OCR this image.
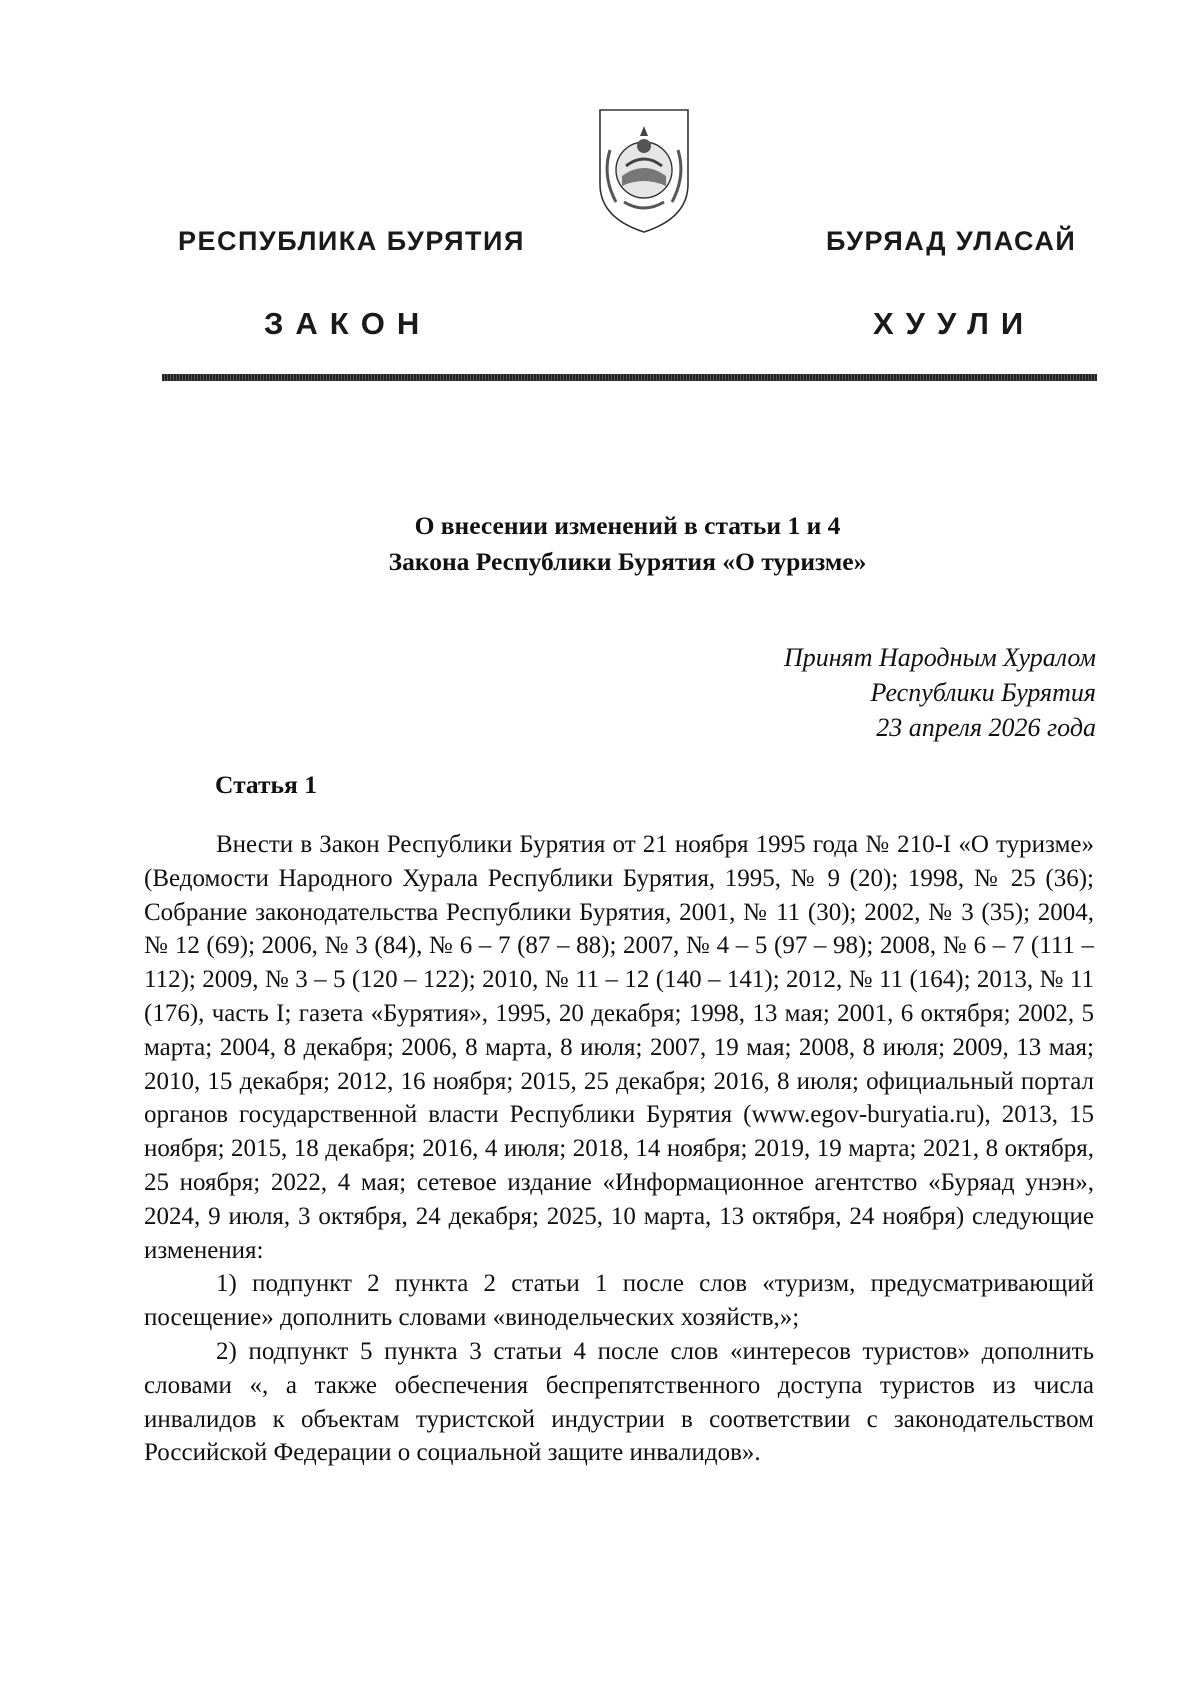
РЕСПУБЛИКА БУРЯТИЯ	БУРЯАД УЛАСАЙ
ЗАКОН	ХУУЛИ
О внесении изменений в статьи 1 и 4
Закона Республики Бурятия «О туризме»
Принят Народным Хуралом
Республики Бурятия
23 апреля 2026 года
Статья 1

Внести в Закон Республики Бурятия от 21 ноября 1995 года № 210-I «О туризме» (Ведомости Народного Хурала Республики Бурятия, 1995, № 9 (20); 1998, № 25 (36); Собрание законодательства Республики Бурятия, 2001, № 11 (30); 2002, № 3 (35); 2004, № 12 (69); 2006, № 3 (84), № 6 – 7 (87 – 88); 2007, № 4 – 5 (97 – 98); 2008, № 6 – 7 (111 – 112); 2009, № 3 – 5 (120 – 122); 2010, № 11 – 12 (140 – 141); 2012, № 11 (164); 2013, № 11 (176), часть I; газета «Бурятия», 1995, 20 декабря; 1998, 13 мая; 2001, 6 октября; 2002, 5 марта; 2004, 8 декабря; 2006, 8 марта, 8 июля; 2007, 19 мая; 2008, 8 июля; 2009, 13 мая; 2010, 15 декабря; 2012, 16 ноября; 2015, 25 декабря; 2016, 8 июля; официальный портал органов государственной власти Республики Бурятия (www.egov-buryatia.ru), 2013, 15 ноября; 2015, 18 декабря; 2016, 4 июля; 2018, 14 ноября; 2019, 19 марта; 2021, 8 октября, 25 ноября; 2022, 4 мая; сетевое издание «Информационное агентство «Буряад унэн», 2024, 9 июля, 3 октября, 24 декабря; 2025, 10 марта, 13 октября, 24 ноября) следующие изменения:

1) подпункт 2 пункта 2 статьи 1 после слов «туризм, предусматривающий посещение» дополнить словами «винодельческих хозяйств,»;

2) подпункт 5 пункта 3 статьи 4 после слов «интересов туристов» дополнить словами «, а также обеспечения беспрепятственного доступа туристов из числа инвалидов к объектам туристской индустрии в соответствии с законодательством Российской Федерации о социальной защите инвалидов».
